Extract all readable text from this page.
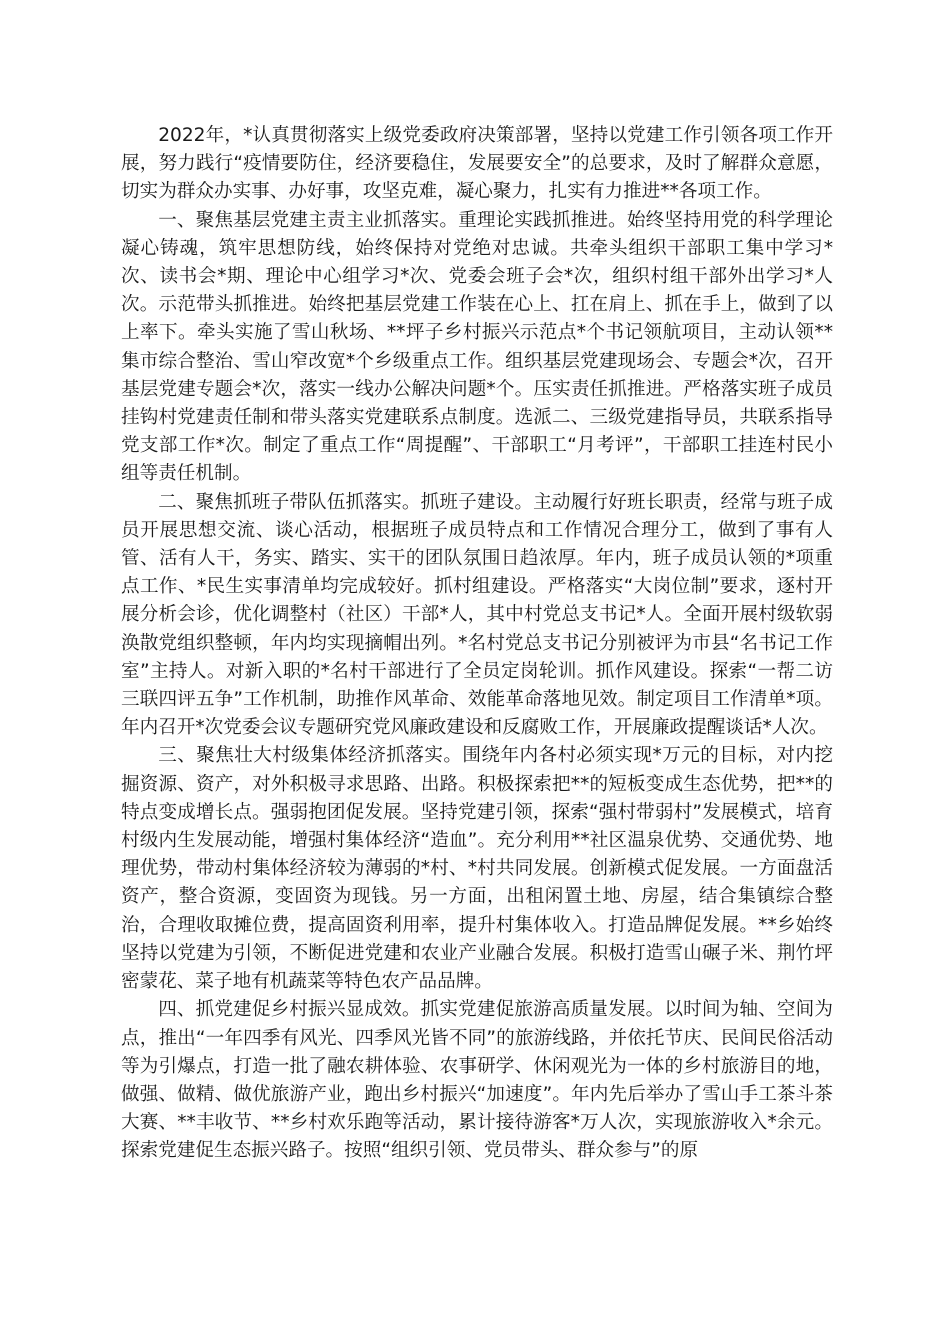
2022年，*认真贯彻落实上级党委政府决策部署，坚持以党建工作引领各项工作开展，努力践行“疫情要防住，经济要稳住，发展要安全”的总要求，及时了解群众意愿，切实为群众办实事、办好事，攻坚克难，凝心聚力，扎实有力推进**各项工作。

一、聚焦基层党建主责主业抓落实。重理论实践抓推进。始终坚持用党的科学理论凝心铸魂，筑牢思想防线，始终保持对党绝对忠诚。共牵头组织干部职工集中学习*次、读书会*期、理论中心组学习*次、党委会班子会*次，组织村组干部外出学习*人次。示范带头抓推进。始终把基层党建工作装在心上、扛在肩上、抓在手上，做到了以上率下。牵头实施了雪山秋场、**坪子乡村振兴示范点*个书记领航项目，主动认领**集市综合整治、雪山窄改宽*个乡级重点工作。组织基层党建现场会、专题会*次，召开基层党建专题会*次，落实一线办公解决问题*个。压实责任抓推进。严格落实班子成员挂钩村党建责任制和带头落实党建联系点制度。选派二、三级党建指导员，共联系指导党支部工作*次。制定了重点工作“周提醒”、干部职工“月考评”，干部职工挂连村民小组等责任机制。

二、聚焦抓班子带队伍抓落实。抓班子建设。主动履行好班长职责，经常与班子成员开展思想交流、谈心活动，根据班子成员特点和工作情况合理分工，做到了事有人管、活有人干，务实、踏实、实干的团队氛围日趋浓厚。年内，班子成员认领的*项重点工作、*民生实事清单均完成较好。抓村组建设。严格落实“大岗位制”要求，逐村开展分析会诊，优化调整村（社区）干部*人，其中村党总支书记*人。全面开展村级软弱涣散党组织整顿，年内均实现摘帽出列。*名村党总支书记分别被评为市县“名书记工作室”主持人。对新入职的*名村干部进行了全员定岗轮训。抓作风建设。探索“一帮二访三联四评五争”工作机制，助推作风革命、效能革命落地见效。制定项目工作清单*项。年内召开*次党委会议专题研究党风廉政建设和反腐败工作，开展廉政提醒谈话*人次。

三、聚焦壮大村级集体经济抓落实。围绕年内各村必须实现*万元的目标，对内挖掘资源、资产，对外积极寻求思路、出路。积极探索把**的短板变成生态优势，把**的特点变成增长点。强弱抱团促发展。坚持党建引领，探索“强村带弱村”发展模式，培育村级内生发展动能，增强村集体经济“造血”。充分利用**社区温泉优势、交通优势、地理优势，带动村集体经济较为薄弱的*村、*村共同发展。创新模式促发展。一方面盘活资产，整合资源，变固资为现钱。另一方面，出租闲置土地、房屋，结合集镇综合整治，合理收取摊位费，提高固资利用率，提升村集体收入。打造品牌促发展。**乡始终坚持以党建为引领，不断促进党建和农业产业融合发展。积极打造雪山碾子米、荆竹坪密蒙花、菜子地有机蔬菜等特色农产品品牌。

四、抓党建促乡村振兴显成效。抓实党建促旅游高质量发展。以时间为轴、空间为点，推出“一年四季有风光、四季风光皆不同”的旅游线路，并依托节庆、民间民俗活动等为引爆点，打造一批了融农耕体验、农事研学、休闲观光为一体的乡村旅游目的地，做强、做精、做优旅游产业，跑出乡村振兴“加速度”。年内先后举办了雪山手工茶斗茶大赛、**丰收节、**乡村欢乐跑等活动，累计接待游客*万人次，实现旅游收入*余元。探索党建促生态振兴路子。按照“组织引领、党员带头、群众参与”的原
